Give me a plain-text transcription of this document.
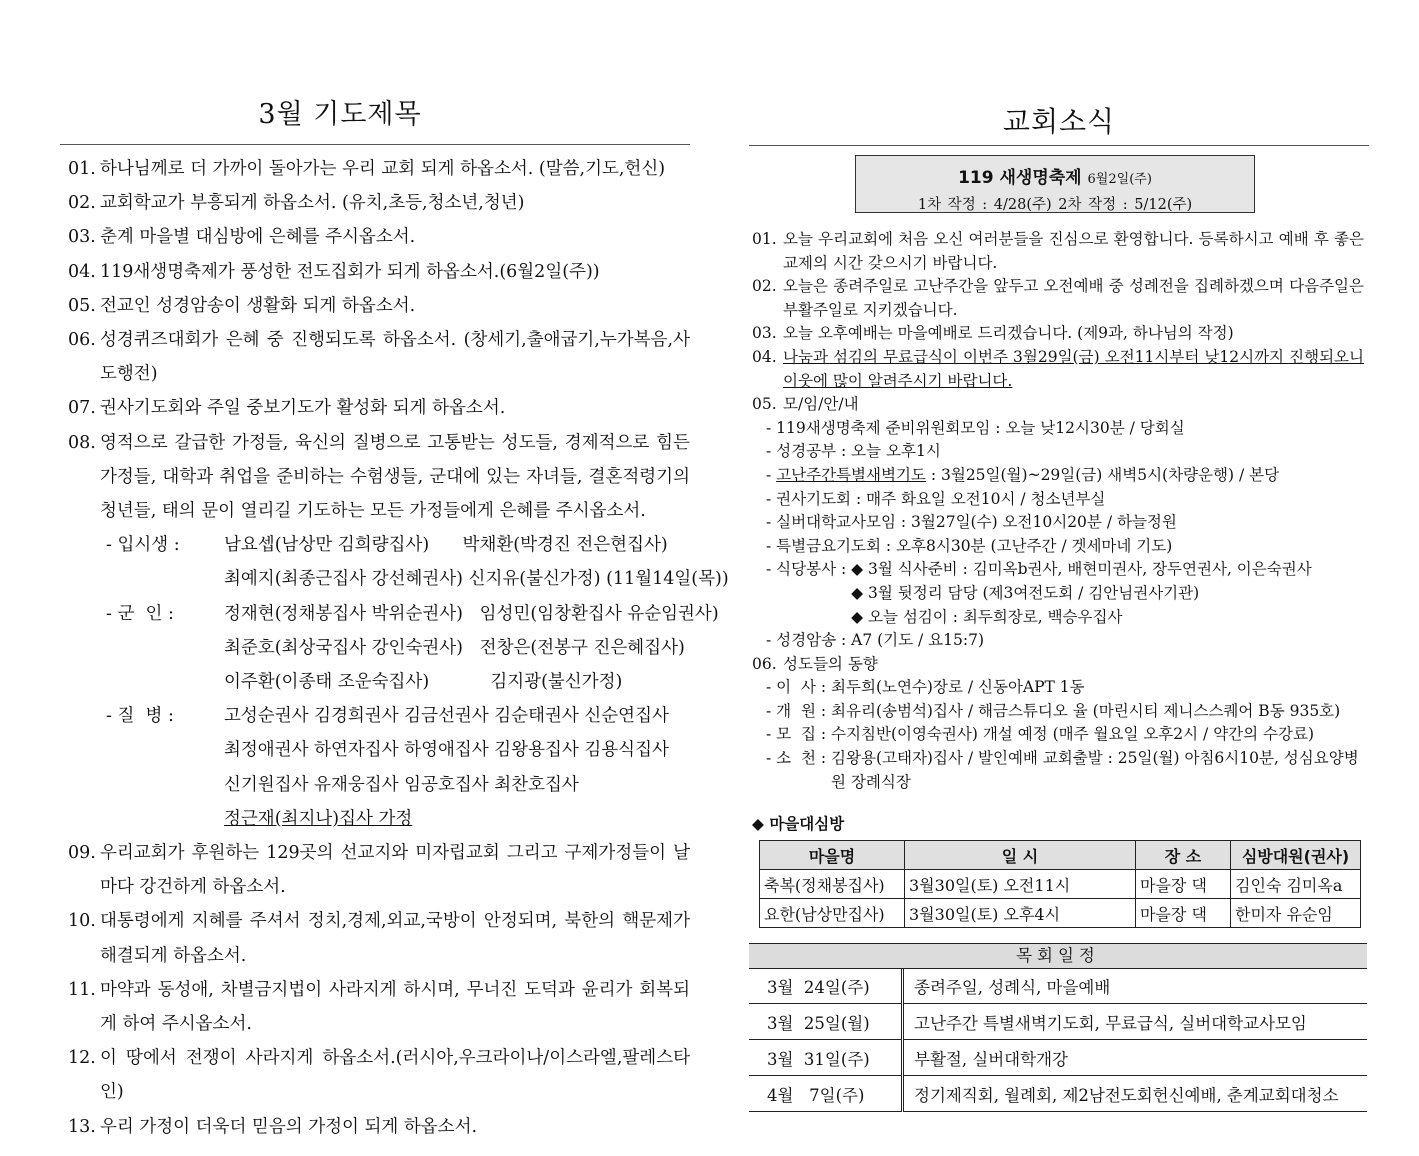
3월 기도제목
01. 하나님께로 더 가까이 돌아가는 우리 교회 되게 하옵소서. (말씀,기도,헌신)
02. 교회학교가 부흥되게 하옵소서. (유치,초등,청소년,청년)
03. 춘계 마을별 대심방에 은혜를 주시옵소서.
04. 119새생명축제가 풍성한 전도집회가 되게 하옵소서.(6월2일(주))
05. 전교인 성경암송이 생활화 되게 하옵소서.
06. 성경퀴즈대회가 은혜 중 진행되도록 하옵소서. (창세기,출애굽기,누가복음,사도행전)
07. 권사기도회와 주일 중보기도가 활성화 되게 하옵소서.
08. 영적으로 갈급한 가정들, 육신의 질병으로 고통받는 성도들, 경제적으로 힘든 가정들, 대학과 취업을 준비하는 수험생들, 군대에 있는 자녀들, 결혼적령기의 청년들, 태의 문이 열리길 기도하는 모든 가정들에게 은혜를 주시옵소서.
- 입시생 :	남요셉(남상만 김희량집사)      박채환(박경진 전은현집사)
최예지(최종근집사 강선혜권사) 신지유(불신가정) (11월14일(목))
- 군  인 :	정재현(정채봉집사 박위순권사)   임성민(임창환집사 유순임권사)
최준호(최상국집사 강인숙권사)   전창은(전봉구 진은혜집사)
이주환(이종태 조운숙집사)           김지광(불신가정)
- 질  병 :	고성순권사 김경희권사 김금선권사 김순태권사 신순연집사
최정애권사 하연자집사 하영애집사 김왕용집사 김용식집사
신기원집사 유재웅집사 임공호집사 최찬호집사
정근재(최지나)집사 가정
09. 우리교회가 후원하는 129곳의 선교지와 미자립교회 그리고 구제가정들이 날마다 강건하게 하옵소서.
10. 대통령에게 지혜를 주셔서 정치,경제,외교,국방이 안정되며, 북한의 핵문제가 해결되게 하옵소서.
11. 마약과 동성애, 차별금지법이 사라지게 하시며, 무너진 도덕과 윤리가 회복되게 하여 주시옵소서.
12. 이 땅에서 전쟁이 사라지게 하옵소서.(러시아,우크라이나/이스라엘,팔레스타인)
13. 우리 가정이 더욱더 믿음의 가정이 되게 하옵소서.
교회소식
119 새생명축제 6월2일(주)
1차 작정 : 4/28(주) 2차 작정 : 5/12(주)
01. 오늘 우리교회에 처음 오신 여러분들을 진심으로 환영합니다. 등록하시고 예배 후 좋은교제의 시간 갖으시기 바랍니다.
02. 오늘은 종려주일로 고난주간을 앞두고 오전예배 중 성례전을 집례하겠으며 다음주일은 부활주일로 지키겠습니다.
03. 오늘 오후예배는 마을예배로 드리겠습니다. (제9과, 하나님의 작정)
04. 나눔과 섬김의 무료급식이 이번주 3월29일(금) 오전11시부터 낮12시까지 진행되오니 이웃에 많이 알려주시기 바랍니다.
05. 모/임/안/내
- 119새생명축제 준비위원회모임 : 오늘 낮12시30분 / 당회실
- 성경공부 : 오늘 오후1시
- 고난주간특별새벽기도 : 3월25일(월)~29일(금) 새벽5시(차량운행) / 본당
- 권사기도회 : 매주 화요일 오전10시 / 청소년부실
- 실버대학교사모임 : 3월27일(수) 오전10시20분 / 하늘정원
- 특별금요기도회 : 오후8시30분 (고난주간 / 겟세마네 기도)
- 식당봉사 : ◆ 3월 식사준비 : 김미옥b권사, 배현미권사, 장두연권사, 이은숙권사
◆ 3월 뒷정리 담당 (제3여전도회 / 김안님권사기관)
◆ 오늘 섬김이 : 최두희장로, 백승우집사
- 성경암송 : A7 (기도 / 요15:7)
06. 성도들의 동향
- 이  사 : 최두희(노연수)장로 / 신동아APT 1동
- 개  원 : 최유리(송범석)집사 / 해금스튜디오 율 (마린시티 제니스스퀘어 B동 935호)
- 모  집 : 수지침반(이영숙권사) 개설 예정 (매주 월요일 오후2시 / 약간의 수강료)
- 소  천 : 김왕용(고태자)집사 / 발인예배 교회출발 : 25일(월) 아침6시10분, 성심요양병원 장례식장
◆ 마을대심방
마을명	일 시	장 소	심방대원(권사)
축복(정채봉집사)	3월30일(토) 오전11시	마을장 댁	김인숙 김미옥a
요한(남상만집사)	3월30일(토) 오후4시	마을장 댁	한미자 유순임
목회일정
3월  24일(주)	종려주일, 성례식, 마을예배
3월  25일(월)	고난주간 특별새벽기도회, 무료급식, 실버대학교사모임
3월  31일(주)	부활절, 실버대학개강
4월   7일(주)	정기제직회, 월례회, 제2남전도회헌신예배, 춘계교회대청소
